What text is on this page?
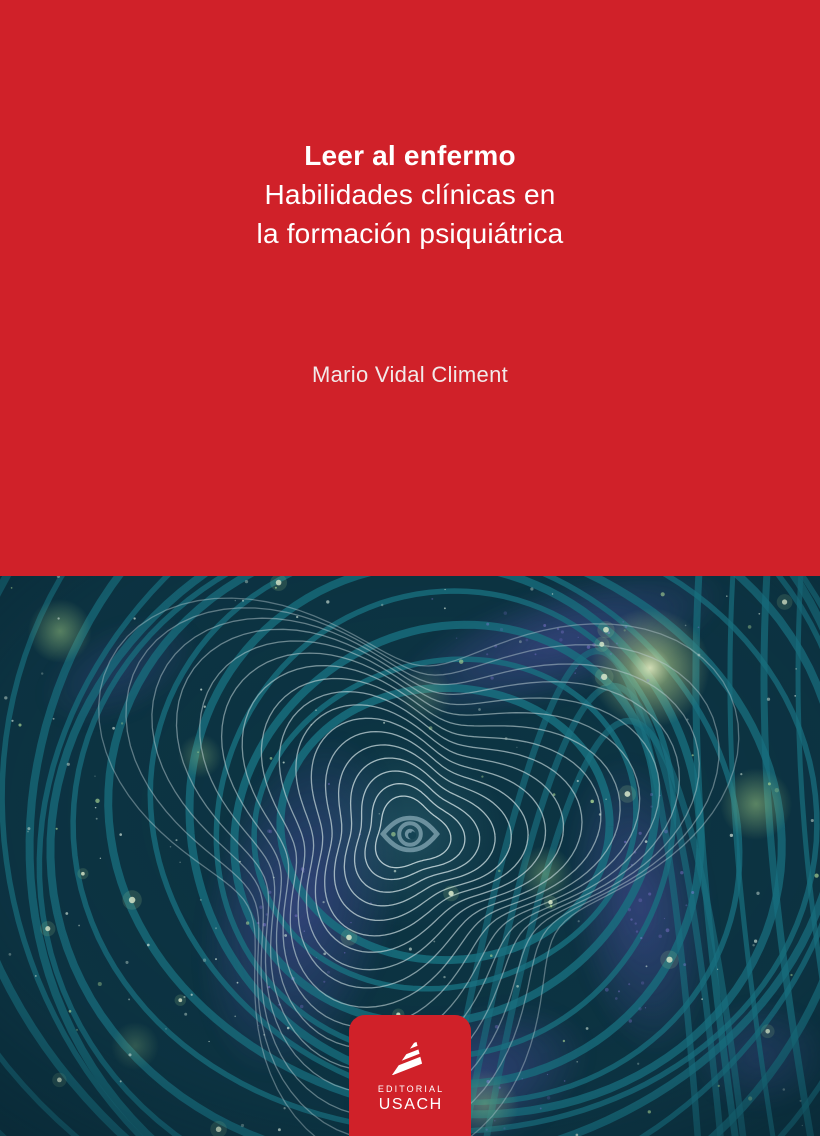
Leer al enfermo
Habilidades clínicas en
la formación psiquiátrica
Mario Vidal Climent
EDITORIAL
USACH
